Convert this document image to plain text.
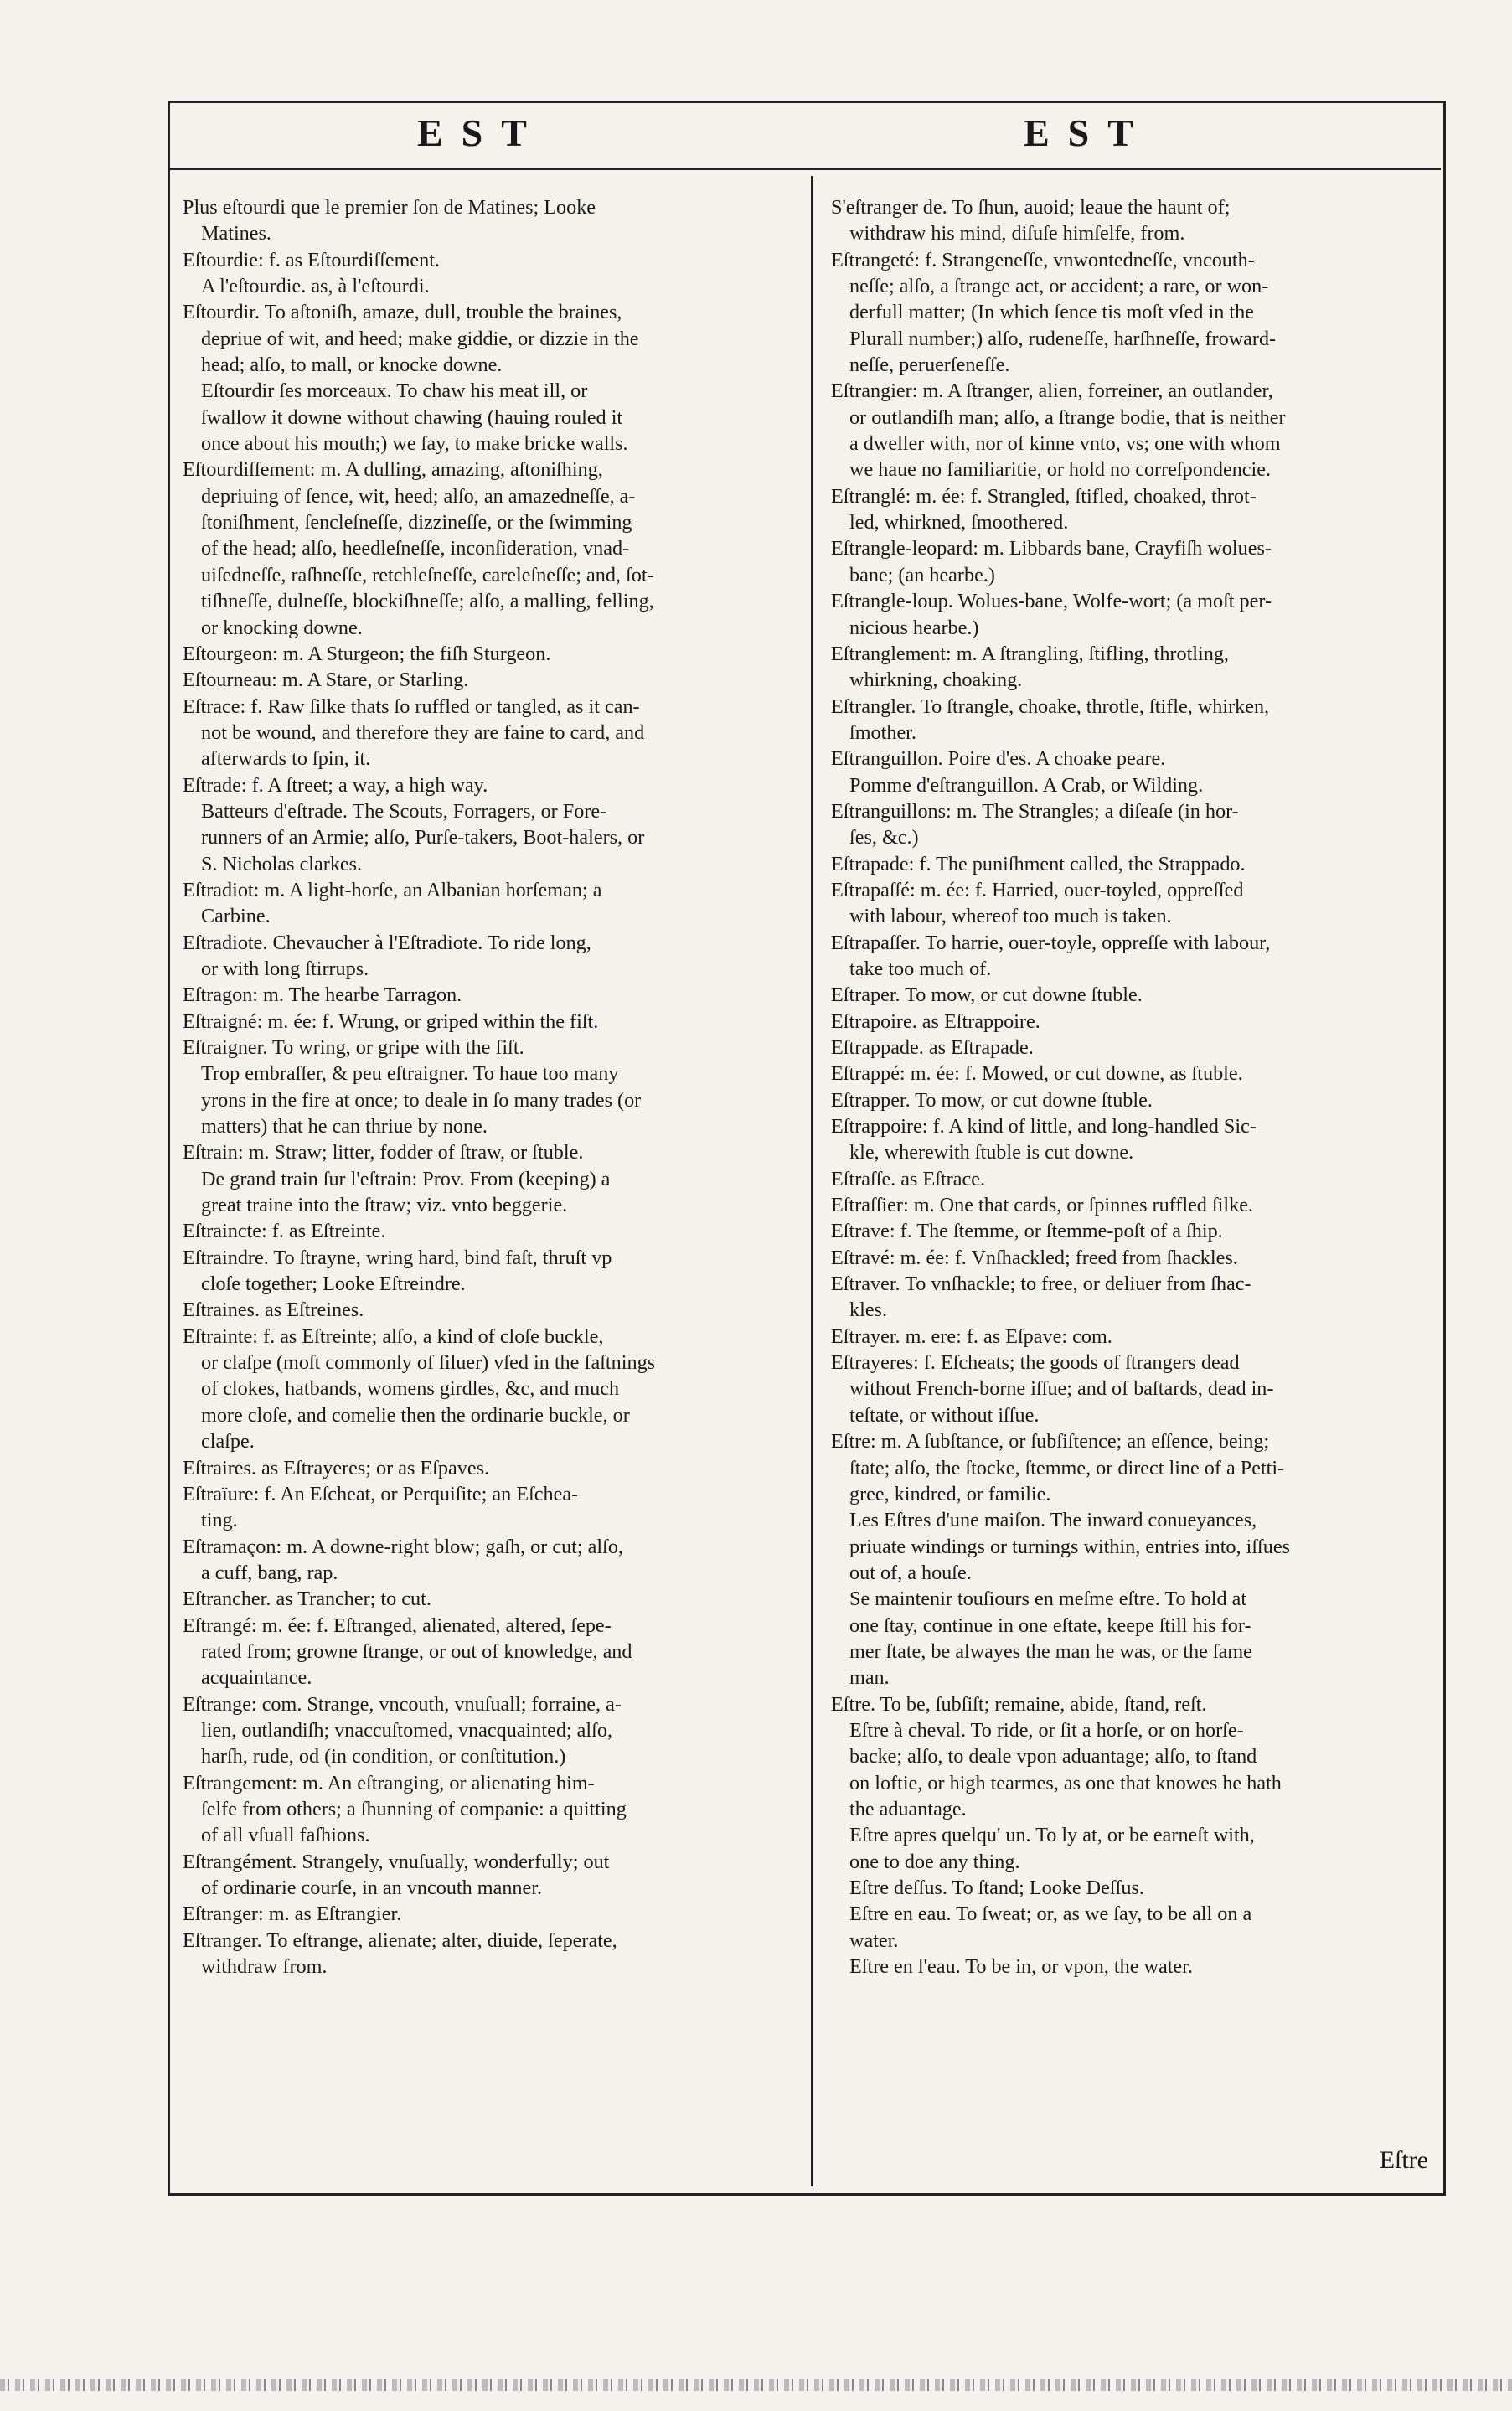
EST	EST
Plus eſtourdi que le premier ſon de Matines; Looke
Matines.
Eſtourdie: f. as Eſtourdiſſement.
A l'eſtourdie. as, à l'eſtourdi.
Eſtourdir. To aſtoniſh, amaze, dull, trouble the braines,
depriue of wit, and heed; make giddie, or dizzie in the
head; alſo, to mall, or knocke downe.
Eſtourdir ſes morceaux. To chaw his meat ill, or
ſwallow it downe without chawing (hauing rouled it
once about his mouth;) we ſay, to make bricke walls.
Eſtourdiſſement: m. A dulling, amazing, aſtoniſhing,
depriuing of ſence, wit, heed; alſo, an amazedneſſe, a-
ſtoniſhment, ſencleſneſſe, dizzineſſe, or the ſwimming
of the head; alſo, heedleſneſſe, inconſideration, vnad-
uiſedneſſe, raſhneſſe, retchleſneſſe, careleſneſſe; and, ſot-
tiſhneſſe, dulneſſe, blockiſhneſſe; alſo, a malling, felling,
or knocking downe.
Eſtourgeon: m. A Sturgeon; the fiſh Sturgeon.
Eſtourneau: m. A Stare, or Starling.
Eſtrace: f. Raw ſilke thats ſo ruffled or tangled, as it can-
not be wound, and therefore they are faine to card, and
afterwards to ſpin, it.
Eſtrade: f. A ſtreet; a way, a high way.
Batteurs d'eſtrade. The Scouts, Forragers, or Fore-
runners of an Armie; alſo, Purſe-takers, Boot-halers, or
S. Nicholas clarkes.
Eſtradiot: m. A light-horſe, an Albanian horſeman; a
Carbine.
Eſtradiote. Chevaucher à l'Eſtradiote. To ride long,
or with long ſtirrups.
Eſtragon: m. The hearbe Tarragon.
Eſtraigné: m. ée: f. Wrung, or griped within the fiſt.
Eſtraigner. To wring, or gripe with the fiſt.
Trop embraſſer, & peu eſtraigner. To haue too many
yrons in the fire at once; to deale in ſo many trades (or
matters) that he can thriue by none.
Eſtrain: m. Straw; litter, fodder of ſtraw, or ſtuble.
De grand train ſur l'eſtrain: Prov. From (keeping) a
great traine into the ſtraw; viz. vnto beggerie.
Eſtraincte: f. as Eſtreinte.
Eſtraindre. To ſtrayne, wring hard, bind faſt, thruſt vp
cloſe together; Looke Eſtreindre.
Eſtraines. as Eſtreines.
Eſtrainte: f. as Eſtreinte; alſo, a kind of cloſe buckle,
or claſpe (moſt commonly of ſiluer) vſed in the faſtnings
of clokes, hatbands, womens girdles, &c, and much
more cloſe, and comelie then the ordinarie buckle, or
claſpe.
Eſtraires. as Eſtrayeres; or as Eſpaves.
Eſtraïure: f. An Eſcheat, or Perquiſite; an Eſchea-
ting.
Eſtramaçon: m. A downe-right blow; gaſh, or cut; alſo,
a cuff, bang, rap.
Eſtrancher. as Trancher; to cut.
Eſtrangé: m. ée: f. Eſtranged, alienated, altered, ſepe-
rated from; growne ſtrange, or out of knowledge, and
acquaintance.
Eſtrange: com. Strange, vncouth, vnuſuall; forraine, a-
lien, outlandiſh; vnaccuſtomed, vnacquainted; alſo,
harſh, rude, od (in condition, or conſtitution.)
Eſtrangement: m. An eſtranging, or alienating him-
ſelfe from others; a ſhunning of companie: a quitting
of all vſuall faſhions.
Eſtrangément. Strangely, vnuſually, wonderfully; out
of ordinarie courſe, in an vncouth manner.
Eſtranger: m. as Eſtrangier.
Eſtranger. To eſtrange, alienate; alter, diuide, ſeperate,
withdraw from.
S'eſtranger de. To ſhun, auoid; leaue the haunt of;
withdraw his mind, diſuſe himſelfe, from.
Eſtrangeté: f. Strangeneſſe, vnwontedneſſe, vncouth-
neſſe; alſo, a ſtrange act, or accident; a rare, or won-
derfull matter; (In which ſence tis moſt vſed in the
Plurall number;) alſo, rudeneſſe, harſhneſſe, froward-
neſſe, peruerſeneſſe.
Eſtrangier: m. A ſtranger, alien, forreiner, an outlander,
or outlandiſh man; alſo, a ſtrange bodie, that is neither
a dweller with, nor of kinne vnto, vs; one with whom
we haue no familiaritie, or hold no correſpondencie.
Eſtranglé: m. ée: f. Strangled, ſtifled, choaked, throt-
led, whirkned, ſmoothered.
Eſtrangle-leopard: m. Libbards bane, Crayfiſh wolues-
bane; (an hearbe.)
Eſtrangle-loup. Wolues-bane, Wolfe-wort; (a moſt per-
nicious hearbe.)
Eſtranglement: m. A ſtrangling, ſtifling, throtling,
whirkning, choaking.
Eſtrangler. To ſtrangle, choake, throtle, ſtifle, whirken,
ſmother.
Eſtranguillon. Poire d'es. A choake peare.
Pomme d'eſtranguillon. A Crab, or Wilding.
Eſtranguillons: m. The Strangles; a diſeaſe (in hor-
ſes, &c.)
Eſtrapade: f. The puniſhment called, the Strappado.
Eſtrapaſſé: m. ée: f. Harried, ouer-toyled, oppreſſed
with labour, whereof too much is taken.
Eſtrapaſſer. To harrie, ouer-toyle, oppreſſe with labour,
take too much of.
Eſtraper. To mow, or cut downe ſtuble.
Eſtrapoire. as Eſtrappoire.
Eſtrappade. as Eſtrapade.
Eſtrappé: m. ée: f. Mowed, or cut downe, as ſtuble.
Eſtrapper. To mow, or cut downe ſtuble.
Eſtrappoire: f. A kind of little, and long-handled Sic-
kle, wherewith ſtuble is cut downe.
Eſtraſſe. as Eſtrace.
Eſtraſſier: m. One that cards, or ſpinnes ruffled ſilke.
Eſtrave: f. The ſtemme, or ſtemme-poſt of a ſhip.
Eſtravé: m. ée: f. Vnſhackled; freed from ſhackles.
Eſtraver. To vnſhackle; to free, or deliuer from ſhac-
kles.
Eſtrayer. m. ere: f. as Eſpave: com.
Eſtrayeres: f. Eſcheats; the goods of ſtrangers dead
without French-borne iſſue; and of baſtards, dead in-
teſtate, or without iſſue.
Eſtre: m. A ſubſtance, or ſubſiſtence; an eſſence, being;
ſtate; alſo, the ſtocke, ſtemme, or direct line of a Petti-
gree, kindred, or familie.
Les Eſtres d'une maiſon. The inward conueyances,
priuate windings or turnings within, entries into, iſſues
out of, a houſe.
Se maintenir touſiours en meſme eſtre. To hold at
one ſtay, continue in one eſtate, keepe ſtill his for-
mer ſtate, be alwayes the man he was, or the ſame
man.
Eſtre. To be, ſubſiſt; remaine, abide, ſtand, reſt.
Eſtre à cheval. To ride, or ſit a horſe, or on horſe-
backe; alſo, to deale vpon aduantage; alſo, to ſtand
on loftie, or high tearmes, as one that knowes he hath
the aduantage.
Eſtre apres quelqu' un. To ly at, or be earneſt with,
one to doe any thing.
Eſtre deſſus. To ſtand; Looke Deſſus.
Eſtre en eau. To ſweat; or, as we ſay, to be all on a
water.
Eſtre en l'eau. To be in, or vpon, the water.
Eſtre
